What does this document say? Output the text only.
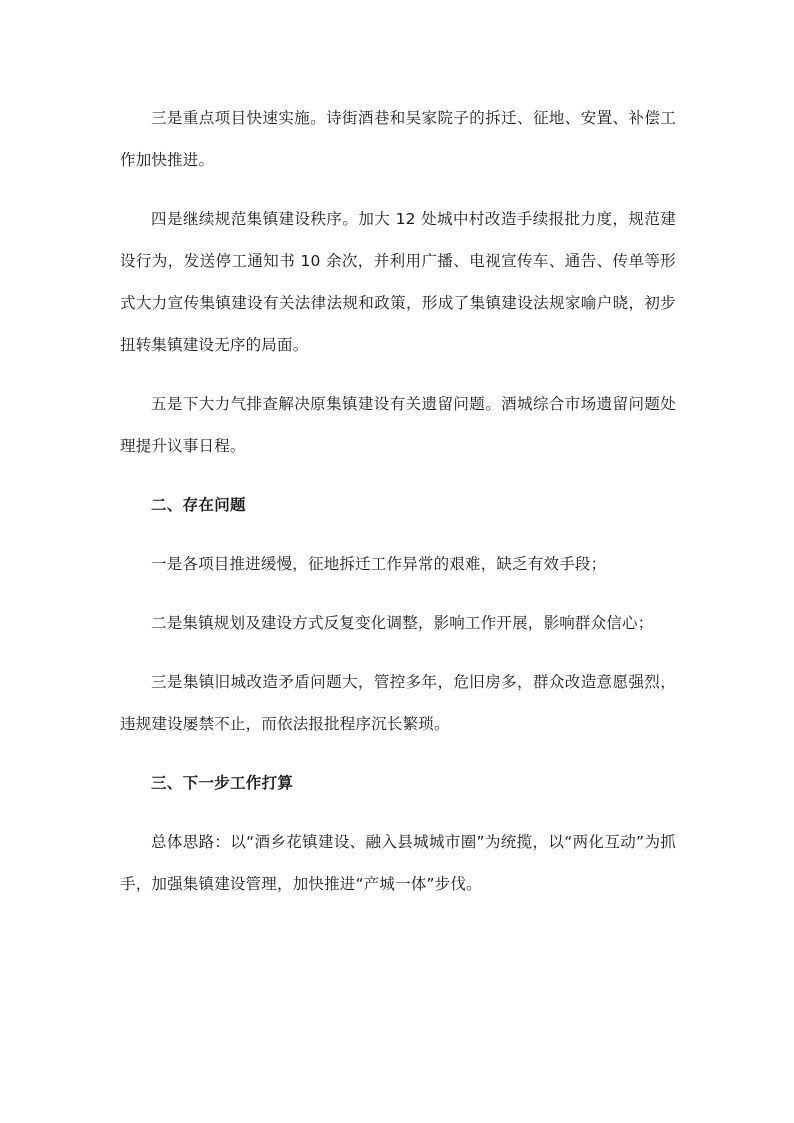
三是重点项目快速实施。诗街酒巷和吴家院子的拆迁、征地、安置、补偿工作加快推进。

四是继续规范集镇建设秩序。加大 12 处城中村改造手续报批力度，规范建设行为，发送停工通知书 10 余次，并利用广播、电视宣传车、通告、传单等形式大力宣传集镇建设有关法律法规和政策，形成了集镇建设法规家喻户晓，初步扭转集镇建设无序的局面。

五是下大力气排查解决原集镇建设有关遗留问题。酒城综合市场遗留问题处理提升议事日程。

二、存在问题

一是各项目推进缓慢，征地拆迁工作异常的艰难，缺乏有效手段；

二是集镇规划及建设方式反复变化调整，影响工作开展，影响群众信心；

三是集镇旧城改造矛盾问题大，管控多年，危旧房多，群众改造意愿强烈，违规建设屡禁不止，而依法报批程序沉长繁琐。

三、下一步工作打算

总体思路：以“酒乡花镇建设、融入县城城市圈”为统揽，以“两化互动”为抓手，加强集镇建设管理，加快推进“产城一体”步伐。
